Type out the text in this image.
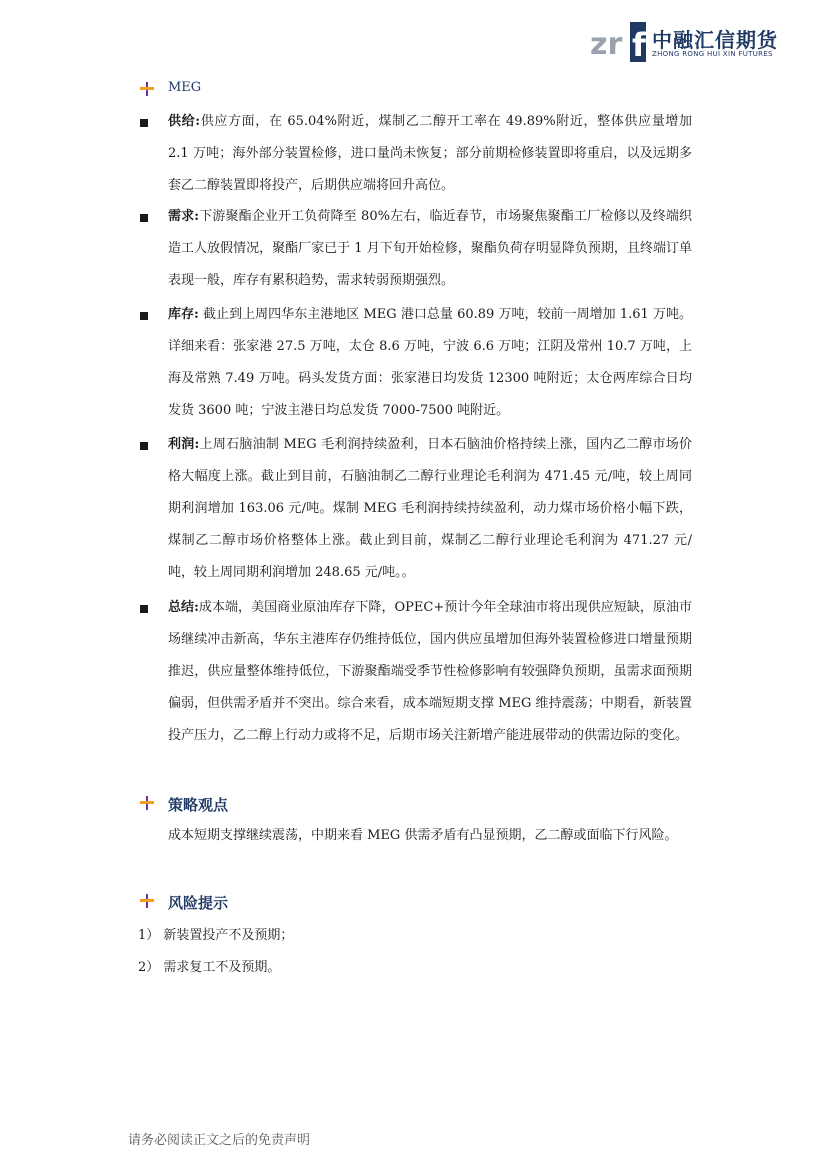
zr f 中融汇信期货
ZHONG RONG HUI XIN FUTURES
MEG

供给:供应方面，在 65.04%附近，煤制乙二醇开工率在 49.89%附近，整体供应量增加 2.1 万吨；海外部分装置检修，进口量尚未恢复；部分前期检修装置即将重启，以及远期多套乙二醇装置即将投产，后期供应端将回升高位。

需求:下游聚酯企业开工负荷降至 80%左右，临近春节，市场聚焦聚酯工厂检修以及终端织造工人放假情况，聚酯厂家已于 1 月下旬开始检修，聚酯负荷存明显降负预期，且终端订单表现一般，库存有累积趋势，需求转弱预期强烈。

库存: 截止到上周四华东主港地区 MEG 港口总量 60.89 万吨，较前一周增加 1.61 万吨。详细来看：张家港 27.5 万吨，太仓 8.6 万吨，宁波 6.6 万吨；江阴及常州 10.7 万吨，上海及常熟 7.49 万吨。码头发货方面：张家港日均发货 12300 吨附近；太仓两库综合日均发货 3600 吨；宁波主港日均总发货 7000-7500 吨附近。

利润:上周石脑油制 MEG 毛利润持续盈利，日本石脑油价格持续上涨，国内乙二醇市场价格大幅度上涨。截止到目前，石脑油制乙二醇行业理论毛利润为 471.45 元/吨，较上周同期利润增加 163.06 元/吨。煤制 MEG 毛利润持续持续盈利，动力煤市场价格小幅下跌，煤制乙二醇市场价格整体上涨。截止到目前，煤制乙二醇行业理论毛利润为 471.27 元/吨，较上周同期利润增加 248.65 元/吨。。

总结:成本端，美国商业原油库存下降，OPEC+预计今年全球油市将出现供应短缺，原油市场继续冲击新高，华东主港库存仍维持低位，国内供应虽增加但海外装置检修进口增量预期推迟，供应量整体维持低位，下游聚酯端受季节性检修影响有较强降负预期，虽需求面预期偏弱，但供需矛盾并不突出。综合来看，成本端短期支撑 MEG 维持震荡；中期看，新装置投产压力，乙二醇上行动力或将不足，后期市场关注新增产能进展带动的供需边际的变化。

策略观点

成本短期支撑继续震荡，中期来看 MEG 供需矛盾有凸显预期，乙二醇或面临下行风险。

风险提示
1） 新装置投产不及预期；
2） 需求复工不及预期。
请务必阅读正文之后的免责声明
